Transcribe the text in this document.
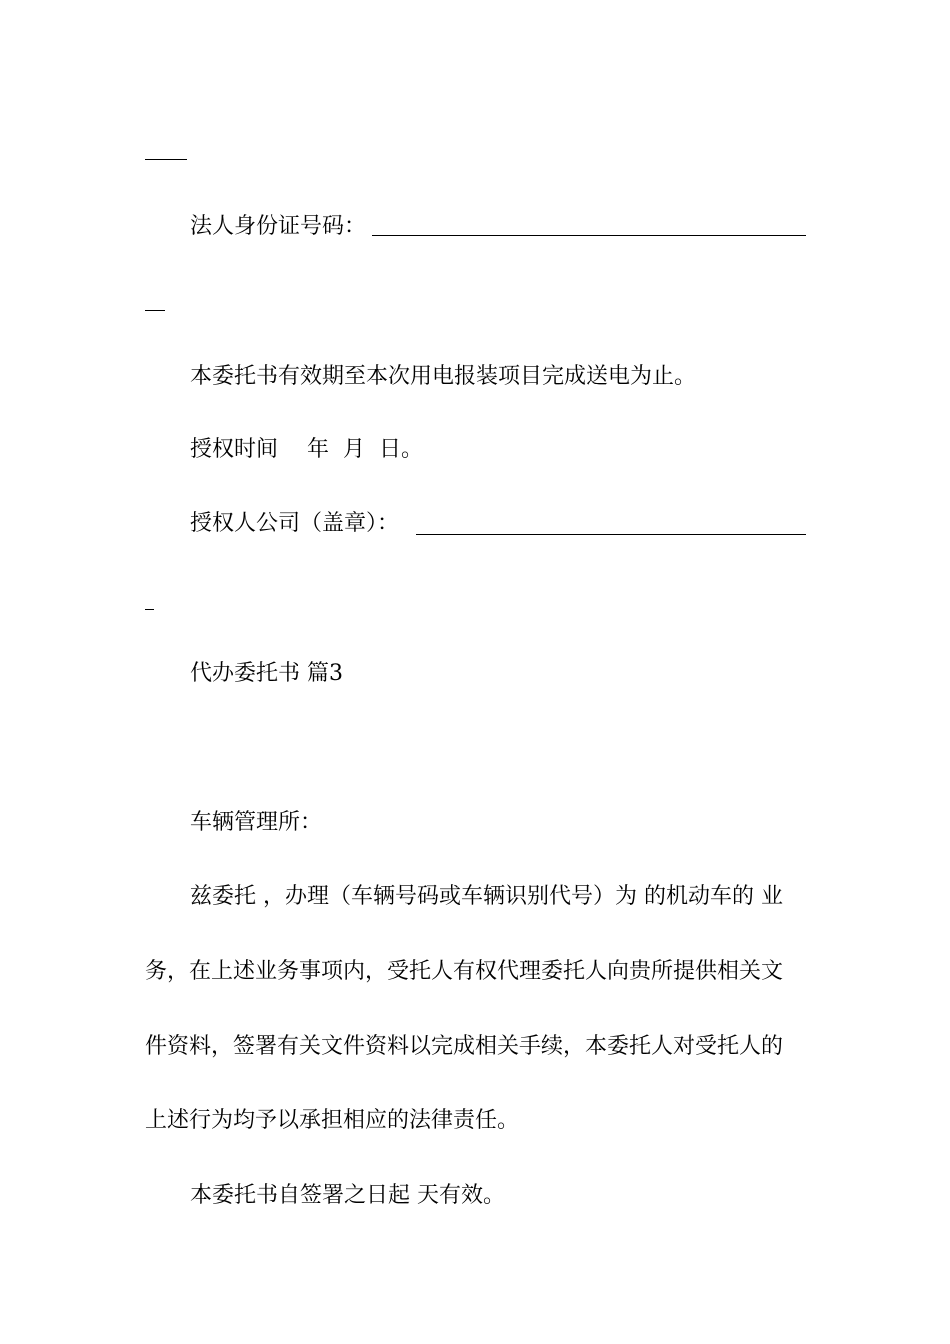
法人身份证号码：
本委托书有效期至本次用电报装项目完成送电为止。
授权时间　 年  月  日。
授权人公司（盖章）：
代办委托书 篇3
车辆管理所：
兹委托 ，办理（车辆号码或车辆识别代号）为 的机动车的 业
务，在上述业务事项内，受托人有权代理委托人向贵所提供相关文
件资料，签署有关文件资料以完成相关手续，本委托人对受托人的
上述行为均予以承担相应的法律责任。
本委托书自签署之日起 天有效。
